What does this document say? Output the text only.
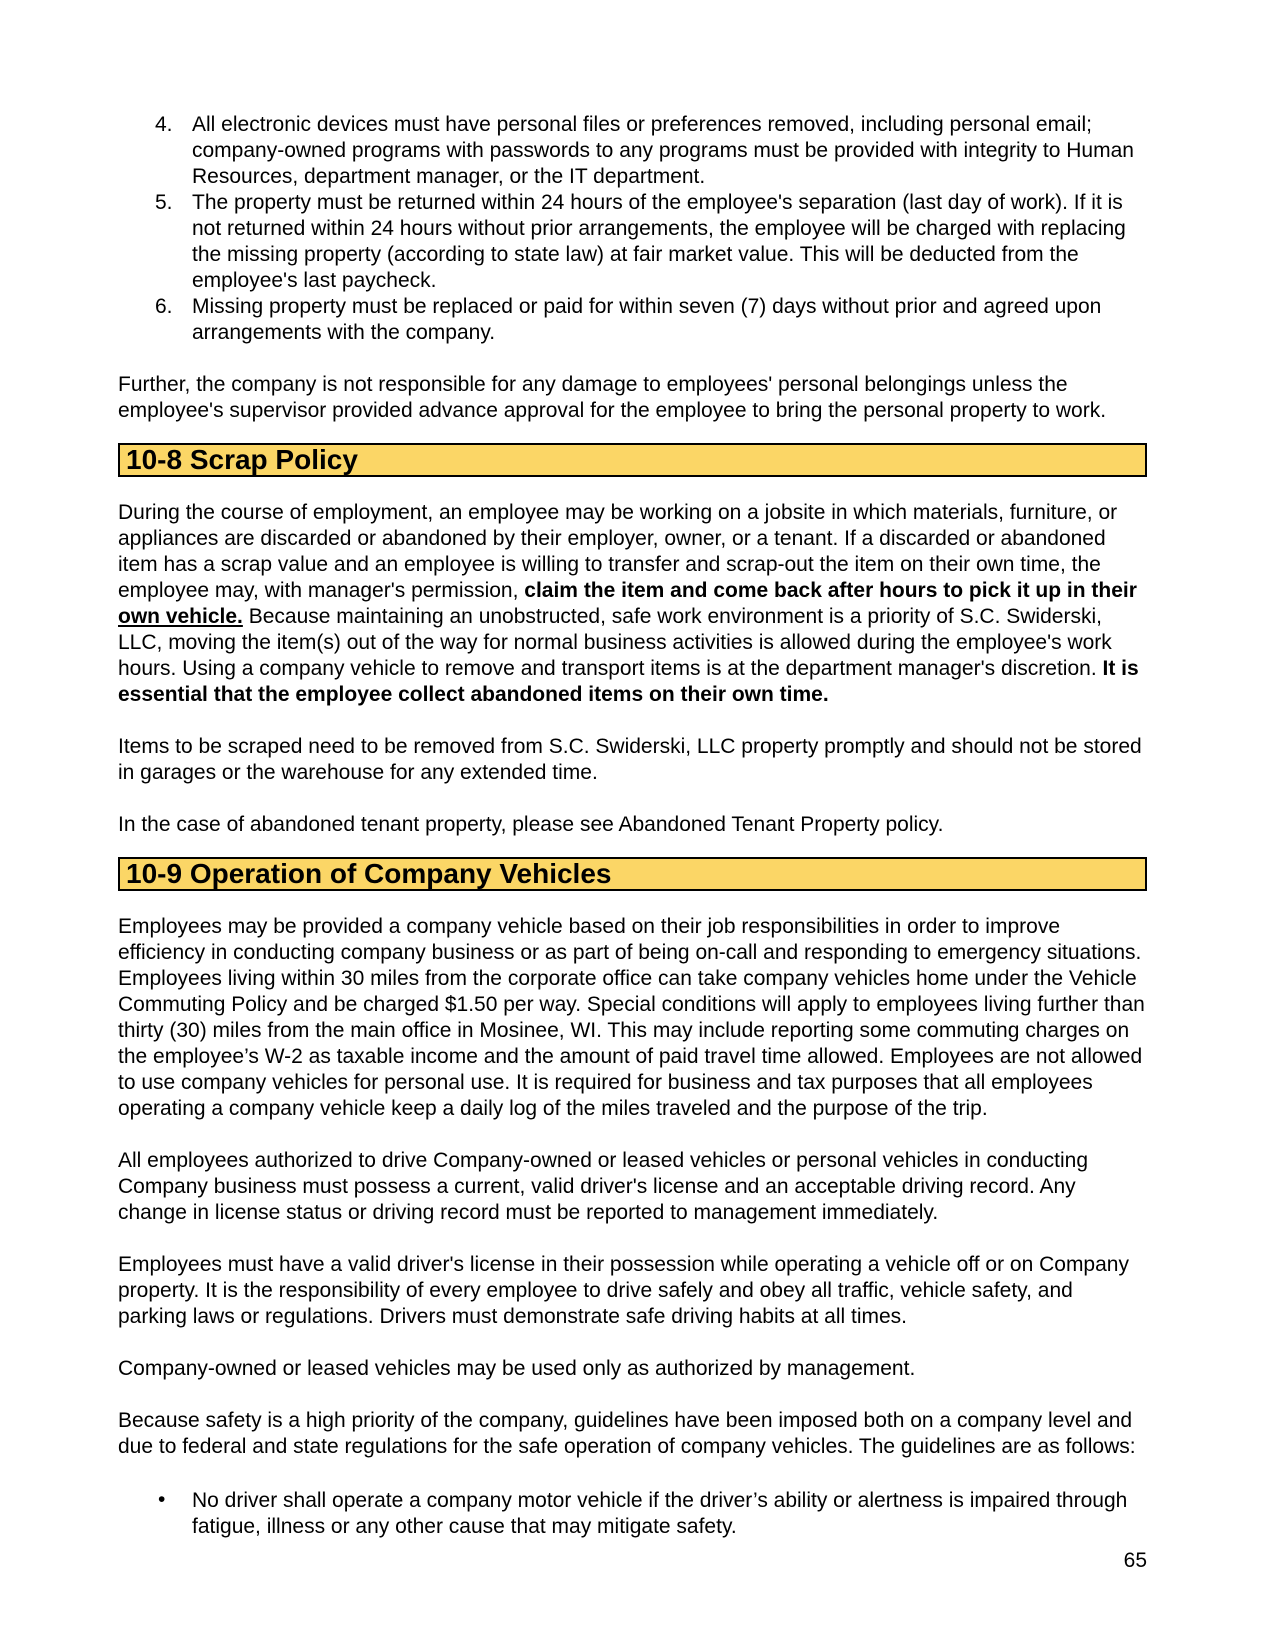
4. All electronic devices must have personal files or preferences removed, including personal email; company-owned programs with passwords to any programs must be provided with integrity to Human Resources, department manager, or the IT department.
5. The property must be returned within 24 hours of the employee's separation (last day of work). If it is not returned within 24 hours without prior arrangements, the employee will be charged with replacing the missing property (according to state law) at fair market value. This will be deducted from the employee's last paycheck.
6. Missing property must be replaced or paid for within seven (7) days without prior and agreed upon arrangements with the company.

Further, the company is not responsible for any damage to employees' personal belongings unless the employee's supervisor provided advance approval for the employee to bring the personal property to work.

10-8 Scrap Policy

During the course of employment, an employee may be working on a jobsite in which materials, furniture, or appliances are discarded or abandoned by their employer, owner, or a tenant. If a discarded or abandoned item has a scrap value and an employee is willing to transfer and scrap-out the item on their own time, the employee may, with manager's permission, claim the item and come back after hours to pick it up in their own vehicle. Because maintaining an unobstructed, safe work environment is a priority of S.C. Swiderski, LLC, moving the item(s) out of the way for normal business activities is allowed during the employee's work hours. Using a company vehicle to remove and transport items is at the department manager's discretion. It is essential that the employee collect abandoned items on their own time.

Items to be scraped need to be removed from S.C. Swiderski, LLC property promptly and should not be stored in garages or the warehouse for any extended time.

In the case of abandoned tenant property, please see Abandoned Tenant Property policy.

10-9 Operation of Company Vehicles

Employees may be provided a company vehicle based on their job responsibilities in order to improve efficiency in conducting company business or as part of being on-call and responding to emergency situations. Employees living within 30 miles from the corporate office can take company vehicles home under the Vehicle Commuting Policy and be charged $1.50 per way. Special conditions will apply to employees living further than thirty (30) miles from the main office in Mosinee, WI. This may include reporting some commuting charges on the employee’s W-2 as taxable income and the amount of paid travel time allowed. Employees are not allowed to use company vehicles for personal use. It is required for business and tax purposes that all employees operating a company vehicle keep a daily log of the miles traveled and the purpose of the trip.

All employees authorized to drive Company-owned or leased vehicles or personal vehicles in conducting Company business must possess a current, valid driver's license and an acceptable driving record. Any change in license status or driving record must be reported to management immediately.

Employees must have a valid driver's license in their possession while operating a vehicle off or on Company property. It is the responsibility of every employee to drive safely and obey all traffic, vehicle safety, and parking laws or regulations. Drivers must demonstrate safe driving habits at all times.

Company-owned or leased vehicles may be used only as authorized by management.

Because safety is a high priority of the company, guidelines have been imposed both on a company level and due to federal and state regulations for the safe operation of company vehicles. The guidelines are as follows:

• No driver shall operate a company motor vehicle if the driver’s ability or alertness is impaired through fatigue, illness or any other cause that may mitigate safety.
65
